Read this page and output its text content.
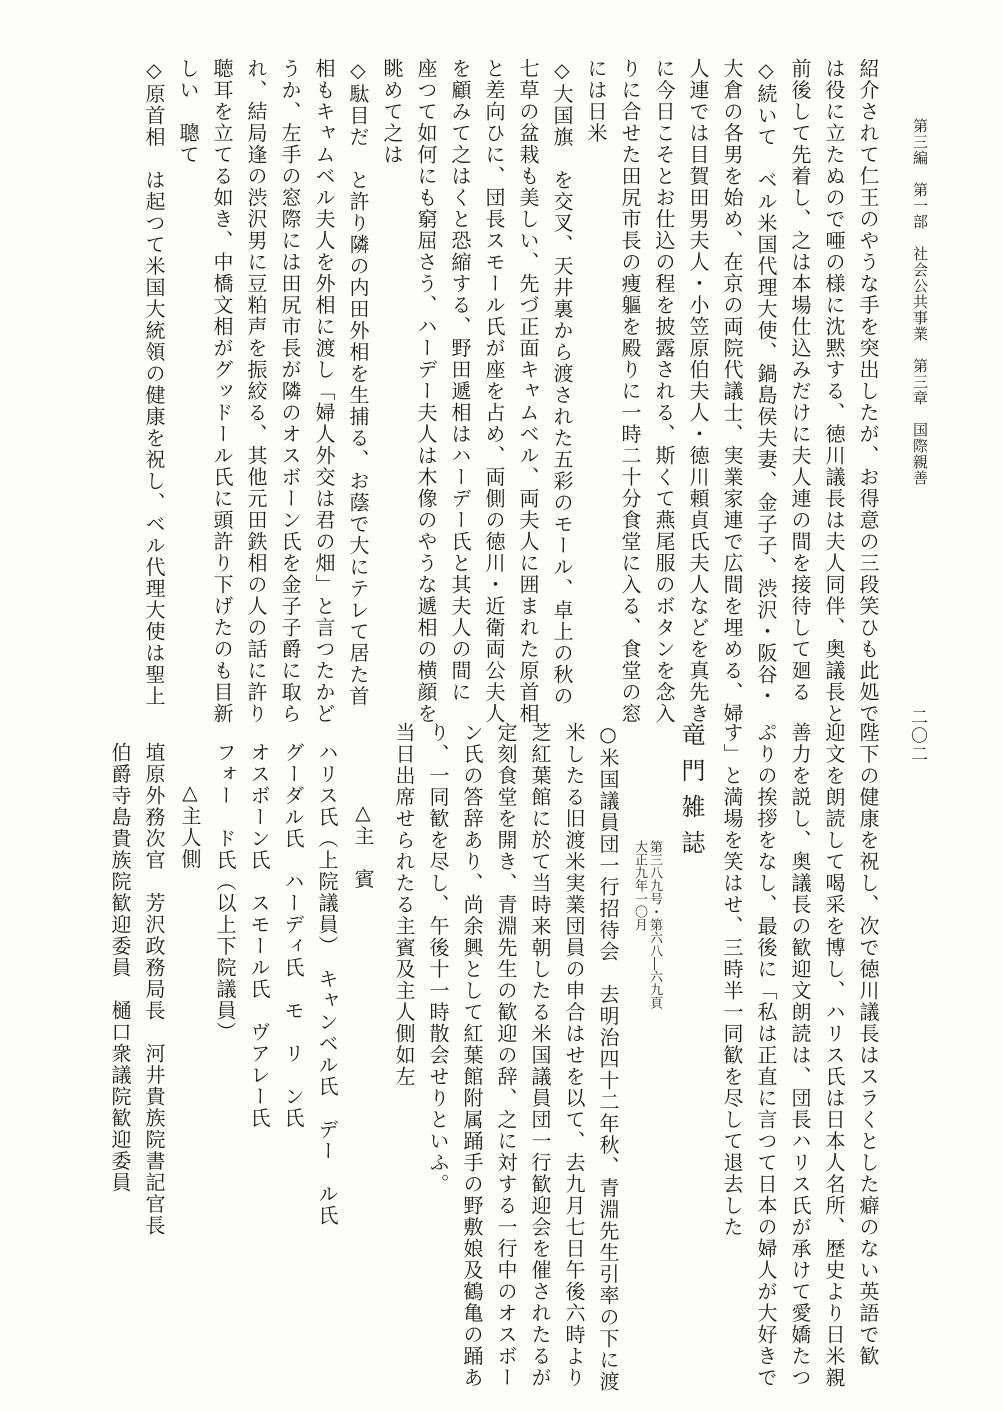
第三編　第一部　社会公共事業　第三章　国際親善
二〇二
紹介されて仁王のやうな手を突出したが、お得意の三段笑ひも此処で
は役に立たぬので唖の様に沈黙する、徳川議長は夫人同伴、奥議長と
前後して先着し、之は本場仕込みだけに夫人連の間を接待して廻る
◇続いて　ベル米国代理大使、鍋島侯夫妻、金子子、渋沢・阪谷・
大倉の各男を始め、在京の両院代議士、実業家連で広間を埋める、婦
人連では目賀田男夫人・小笠原伯夫人・徳川頼貞氏夫人などを真先き
に今日こそとお仕込の程を披露される、斯くて燕尾服のボタンを念入
りに合せた田尻市長の痩軀を殿りに一時二十分食堂に入る、食堂の窓
には日米
◇大国旗　を交叉、天井裏から渡された五彩のモール、卓上の秋の
七草の盆栽も美しい、先づ正面キャムベル、両夫人に囲まれた原首相
と差向ひに、団長スモール氏が座を占め、両側の徳川・近衛両公夫人
を顧みて之はくと恐縮する、野田遞相はハーデー氏と其夫人の間に
座つて如何にも窮屈さう、ハーデー夫人は木像のやうな遞相の横顔を
眺めて之は
◇駄目だ　と許り隣の内田外相を生捕る、お蔭で大にテレて居た首
相もキャムベル夫人を外相に渡し「婦人外交は君の畑」と言つたかど
うか、左手の窓際には田尻市長が隣のオスボーン氏を金子子爵に取ら
れ、結局逢の渋沢男に豆粕声を振絞る、其他元田鉄相の人の話に許り
聴耳を立てる如き、中橋文相がグッドール氏に頭許り下げたのも目新
しい　聰て
◇原首相　は起つて米国大統領の健康を祝し、ベル代理大使は聖上
陛下の健康を祝し、次で徳川議長はスラくとした癖のない英語で歓
迎文を朗読して喝采を博し、ハリス氏は日本人名所、歴史より日米親
善力を説し、奥議長の歓迎文朗読は、団長ハリス氏が承けて愛嬌たつ
ぷりの挨拶をなし、最後に「私は正直に言つて日本の婦人が大好きで
す」と満場を笑はせ、三時半一同歓を尽して退去した
竜門雑誌
第三八九号・第六八―六九頁
大正九年一〇月
○米国議員団一行招待会　去明治四十二年秋、青淵先生引率の下に渡
米したる旧渡米実業団員の申合はせを以て、去九月七日午後六時より
芝紅葉館に於て当時来朝したる米国議員団一行歓迎会を催されたるが
定刻食堂を開き、青淵先生の歓迎の辞、之に対する一行中のオスボー
ン氏の答辞あり、尚余興として紅葉館附属踊手の野敷娘及鶴亀の踊あ
り、一同歓を尽し、午後十一時散会せりといふ。
当日出席せられたる主賓及主人側如左
△主　賓
ハリス氏（上院議員）　キャンベル氏　デー　ル氏
グーダル氏　ハーディ氏　モ　リ　ン氏
オスボーン氏　スモール氏　ヴアレー氏
フォー　ド氏（以上下院議員）
△主人側
埴原外務次官　芳沢政務局長　河井貴族院書記官長
伯爵寺島貴族院歓迎委員　樋口衆議院歓迎委員
